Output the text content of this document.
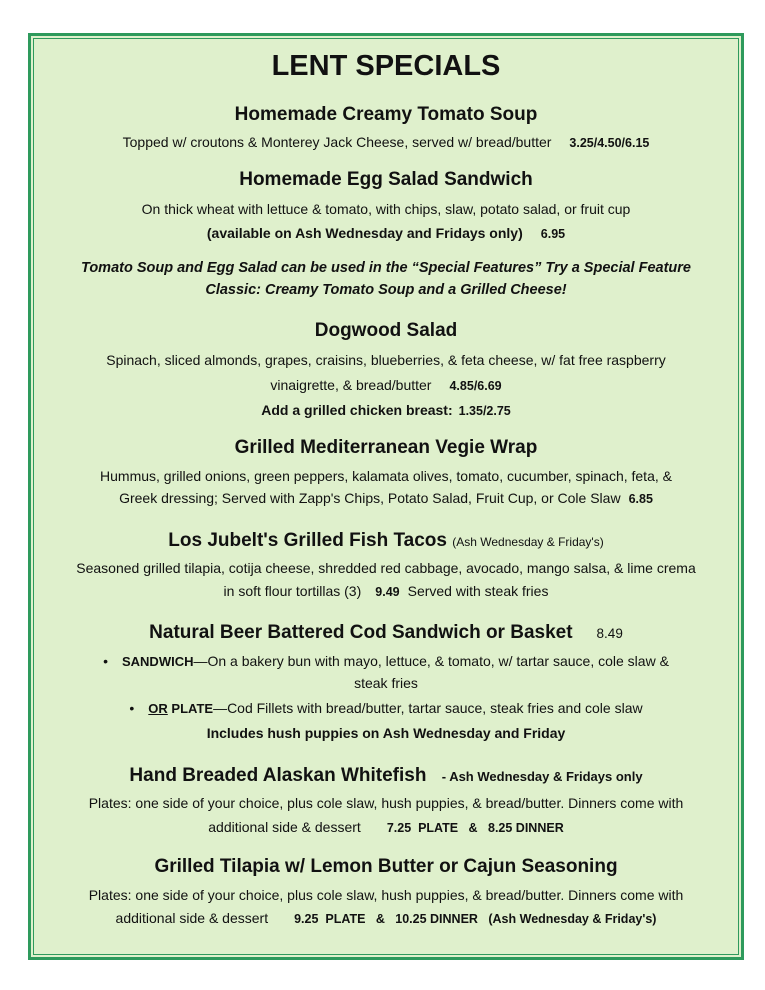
LENT SPECIALS
Homemade Creamy Tomato Soup
Topped w/ croutons & Monterey Jack Cheese, served w/ bread/butter 3.25/4.50/6.15
Homemade Egg Salad Sandwich
On thick wheat with lettuce & tomato, with chips, slaw, potato salad, or fruit cup
(available on Ash Wednesday and Fridays only) 6.95
Tomato Soup and Egg Salad can be used in the “Special Features” Try a Special Feature
Classic: Creamy Tomato Soup and a Grilled Cheese!
Dogwood Salad
Spinach, sliced almonds, grapes, craisins, blueberries, & feta cheese, w/ fat free raspberry
vinaigrette, & bread/butter 4.85/6.69
Add a grilled chicken breast: 1.35/2.75
Grilled Mediterranean Vegie Wrap
Hummus, grilled onions, green peppers, kalamata olives, tomato, cucumber, spinach, feta, &
Greek dressing; Served with Zapp's Chips, Potato Salad, Fruit Cup, or Cole Slaw 6.85
Los Jubelt's Grilled Fish Tacos (Ash Wednesday & Friday's)
Seasoned grilled tilapia, cotija cheese, shredded red cabbage, avocado, mango salsa, & lime crema
in soft flour tortillas (3) 9.49 Served with steak fries
Natural Beer Battered Cod Sandwich or Basket 8.49
• SANDWICH—On a bakery bun with mayo, lettuce, & tomato, w/ tartar sauce, cole slaw &
steak fries
• OR PLATE—Cod Fillets with bread/butter, tartar sauce, steak fries and cole slaw
Includes hush puppies on Ash Wednesday and Friday
Hand Breaded Alaskan Whitefish - Ash Wednesday & Fridays only
Plates: one side of your choice, plus cole slaw, hush puppies, & bread/butter. Dinners come with
additional side & dessert 7.25  PLATE   &   8.25 DINNER
Grilled Tilapia w/ Lemon Butter or Cajun Seasoning
Plates: one side of your choice, plus cole slaw, hush puppies, & bread/butter. Dinners come with
additional side & dessert 9.25  PLATE   &   10.25 DINNER   (Ash Wednesday & Friday's)
